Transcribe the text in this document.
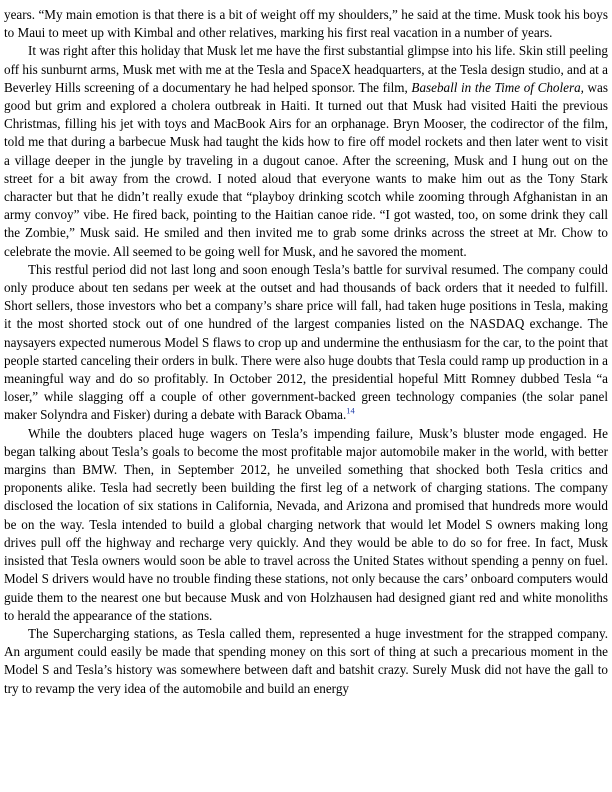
years. “My main emotion is that there is a bit of weight off my shoulders,” he said at the time. Musk took his boys to Maui to meet up with Kimbal and other relatives, marking his first real vacation in a number of years.

It was right after this holiday that Musk let me have the first substantial glimpse into his life. Skin still peeling off his sunburnt arms, Musk met with me at the Tesla and SpaceX headquarters, at the Tesla design studio, and at a Beverley Hills screening of a documentary he had helped sponsor. The film, Baseball in the Time of Cholera, was good but grim and explored a cholera outbreak in Haiti. It turned out that Musk had visited Haiti the previous Christmas, filling his jet with toys and MacBook Airs for an orphanage. Bryn Mooser, the codirector of the film, told me that during a barbecue Musk had taught the kids how to fire off model rockets and then later went to visit a village deeper in the jungle by traveling in a dugout canoe. After the screening, Musk and I hung out on the street for a bit away from the crowd. I noted aloud that everyone wants to make him out as the Tony Stark character but that he didn’t really exude that “playboy drinking scotch while zooming through Afghanistan in an army convoy” vibe. He fired back, pointing to the Haitian canoe ride. “I got wasted, too, on some drink they call the Zombie,” Musk said. He smiled and then invited me to grab some drinks across the street at Mr. Chow to celebrate the movie. All seemed to be going well for Musk, and he savored the moment.

This restful period did not last long and soon enough Tesla’s battle for survival resumed. The company could only produce about ten sedans per week at the outset and had thousands of back orders that it needed to fulfill. Short sellers, those investors who bet a company’s share price will fall, had taken huge positions in Tesla, making it the most shorted stock out of one hundred of the largest companies listed on the NASDAQ exchange. The naysayers expected numerous Model S flaws to crop up and undermine the enthusiasm for the car, to the point that people started canceling their orders in bulk. There were also huge doubts that Tesla could ramp up production in a meaningful way and do so profitably. In October 2012, the presidential hopeful Mitt Romney dubbed Tesla “a loser,” while slagging off a couple of other government-backed green technology companies (the solar panel maker Solyndra and Fisker) during a debate with Barack Obama.$^{14}$

While the doubters placed huge wagers on Tesla’s impending failure, Musk’s bluster mode engaged. He began talking about Tesla’s goals to become the most profitable major automobile maker in the world, with better margins than BMW. Then, in September 2012, he unveiled something that shocked both Tesla critics and proponents alike. Tesla had secretly been building the first leg of a network of charging stations. The company disclosed the location of six stations in California, Nevada, and Arizona and promised that hundreds more would be on the way. Tesla intended to build a global charging network that would let Model S owners making long drives pull off the highway and recharge very quickly. And they would be able to do so for free. In fact, Musk insisted that Tesla owners would soon be able to travel across the United States without spending a penny on fuel. Model S drivers would have no trouble finding these stations, not only because the cars’ onboard computers would guide them to the nearest one but because Musk and von Holzhausen had designed giant red and white monoliths to herald the appearance of the stations.

The Supercharging stations, as Tesla called them, represented a huge investment for the strapped company. An argument could easily be made that spending money on this sort of thing at such a precarious moment in the Model S and Tesla’s history was somewhere between daft and batshit crazy. Surely Musk did not have the gall to try to revamp the very idea of the automobile and build an energy
